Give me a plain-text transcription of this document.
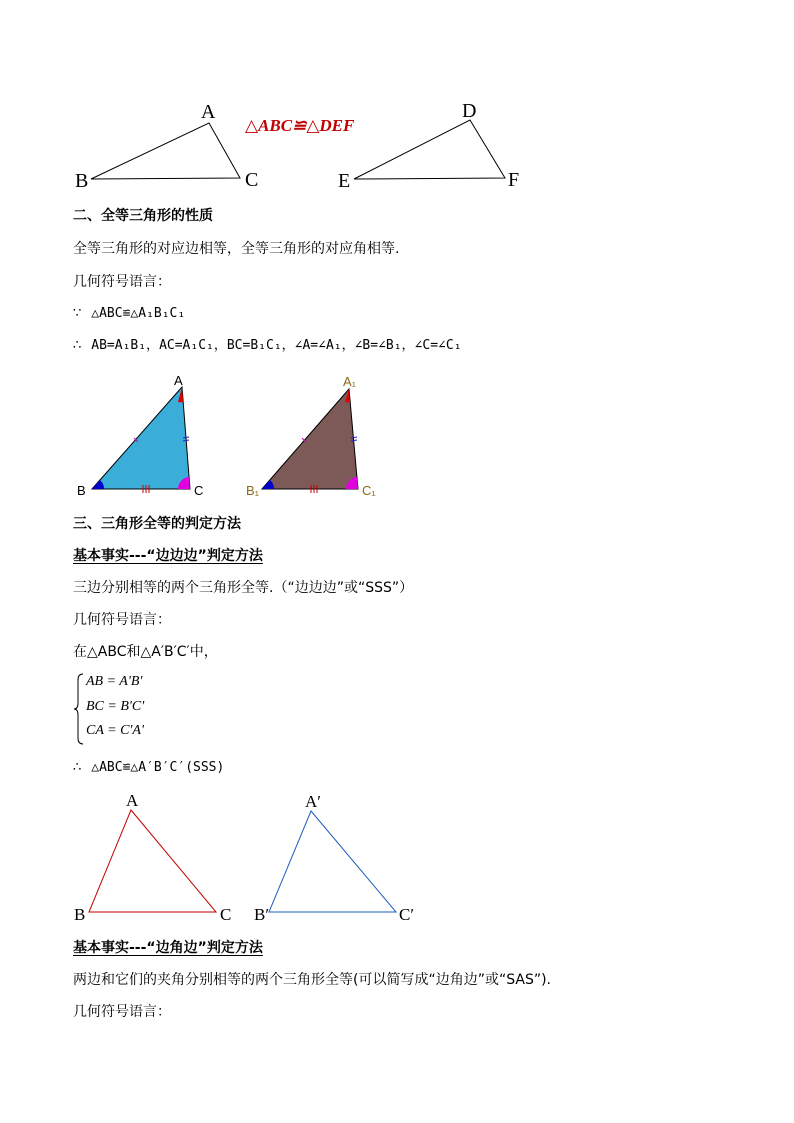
A
B	C
D
E	F
△ABC≌△DEF
二、全等三角形的性质
全等三角形的对应边相等，全等三角形的对应角相等.
几何符号语言：
∵ △ABC≌△A₁B₁C₁
∴ AB=A₁B₁，AC=A₁C₁，BC=B₁C₁，∠A=∠A₁，∠B=∠B₁，∠C=∠C₁
A
B	C
A₁
B₁	C₁
三、三角形全等的判定方法
基本事实---“边边边”判定方法
三边分别相等的两个三角形全等.（“边边边”或“SSS”）
几何符号语言：
在△ABC和△A′B′C′中，
AB = A'B'
BC = B'C'
CA = C'A'
∴ △ABC≌△A′B′C′(SSS)
A
B	C
A′
B′	C′
基本事实---“边角边”判定方法
两边和它们的夹角分别相等的两个三角形全等(可以简写成“边角边”或“SAS”).
几何符号语言：
